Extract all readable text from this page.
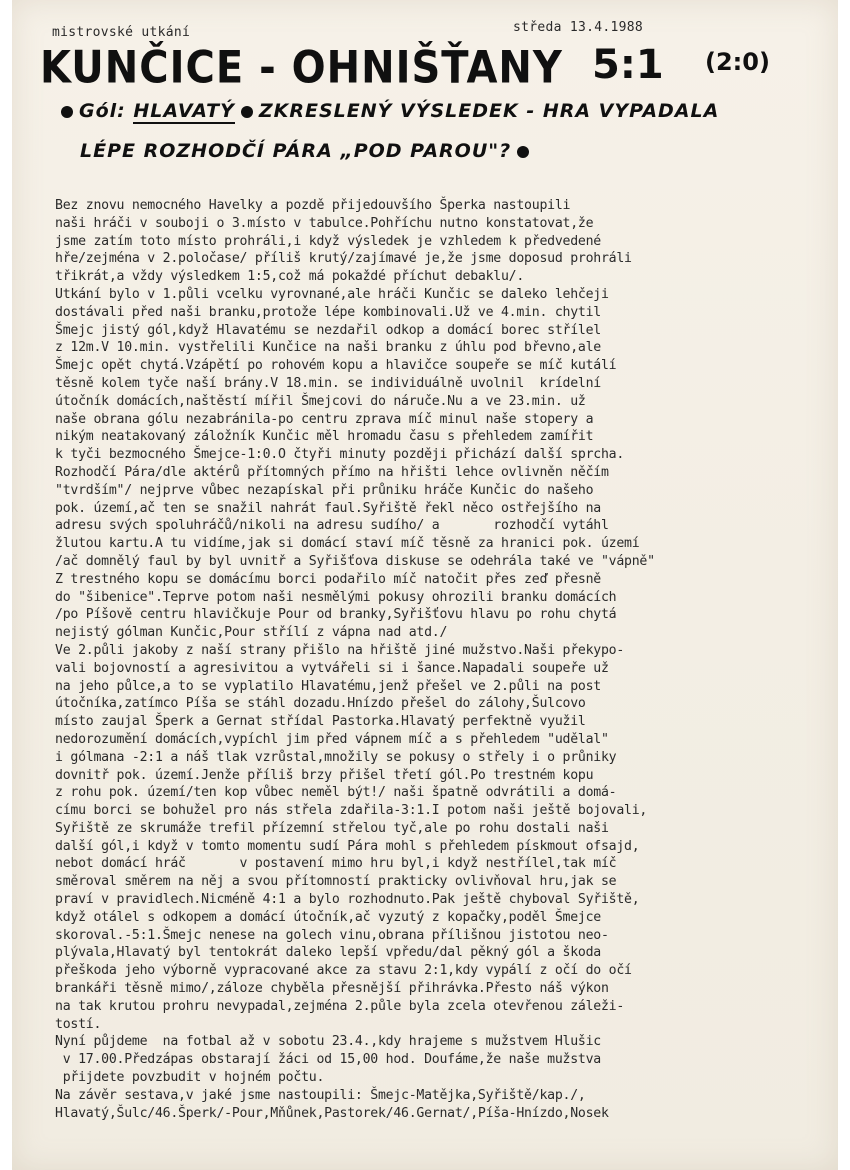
mistrovské utkání	středa 13.4.1988
KUNČICE - OHNIŠŤANY 5:1 (2:0)
Gól: HLAVATÝ ZKRESLENÝ VÝSLEDEK - HRA VYPADALA
LÉPE ROZHODČÍ PÁRA „POD PAROU"?
Bez znovu nemocného Havelky a pozdě přijedouvšího Šperka nastoupili
naši hráči v souboji o 3.místo v tabulce.Pohříchu nutno konstatovat,že
jsme zatím toto místo prohráli,i když výsledek je vzhledem k předvedené
hře/zejména v 2.poločase/ příliš krutý/zajímavé je,že jsme doposud prohráli
třikrát,a vždy výsledkem 1:5,což má pokaždé příchut debaklu/.
Utkání bylo v 1.půli vcelku vyrovnané,ale hráči Kunčic se daleko lehčeji
dostávali před naši branku,protože lépe kombinovali.Už ve 4.min. chytil
Šmejc jistý gól,když Hlavatému se nezdařil odkop a domácí borec střílel
z 12m.V 10.min. vystřelili Kunčice na naši branku z úhlu pod břevno,ale
Šmejc opět chytá.Vzápětí po rohovém kopu a hlavičce soupeře se míč kutálí
těsně kolem tyče naší brány.V 18.min. se individuálně uvolnil  krídelní
útočník domácích,naštěstí mířil Šmejcovi do náruče.Nu a ve 23.min. už
naše obrana gólu nezabránila-po centru zprava míč minul naše stopery a
nikým neatakovaný záložník Kunčic měl hromadu času s přehledem zamířit
k tyči bezmocného Šmejce-1:0.O čtyři minuty později přichází další sprcha.
Rozhodčí Pára/dle aktérů přítomných přímo na hřišti lehce ovlivněn něčím
"tvrdším"/ nejprve vůbec nezapískal při průniku hráče Kunčic do našeho
pok. území,ač ten se snažil nahrát faul.Syřiště řekl něco ostřejšího na
adresu svých spoluhráčů/nikoli na adresu sudího/ a       rozhodčí vytáhl
žlutou kartu.A tu vidíme,jak si domácí staví míč těsně za hranici pok. území
/ač domnělý faul by byl uvnitř a Syřišťova diskuse se odehrála také ve "vápně"
Z trestného kopu se domácímu borci podařilo míč natočit přes zeď přesně
do "šibenice".Teprve potom naši nesmělými pokusy ohrozili branku domácích
/po Píšově centru hlavičkuje Pour od branky,Syřišťovu hlavu po rohu chytá
nejistý gólman Kunčic,Pour střílí z vápna nad atd./
Ve 2.půli jakoby z naší strany přišlo na hřiště jiné mužstvo.Naši překypo-
vali bojovností a agresivitou a vytvářeli si i šance.Napadali soupeře už
na jeho půlce,a to se vyplatilo Hlavatému,jenž přešel ve 2.půli na post
útočníka,zatímco Píša se stáhl dozadu.Hnízdo přešel do zálohy,Šulcovo
místo zaujal Šperk a Gernat střídal Pastorka.Hlavatý perfektně využil
nedorozumění domácích,vypíchl jim před vápnem míč a s přehledem "udělal"
i gólmana -2:1 a náš tlak vzrůstal,množily se pokusy o střely i o průniky
dovnitř pok. území.Jenže příliš brzy přišel třetí gól.Po trestném kopu
z rohu pok. území/ten kop vůbec neměl být!/ naši špatně odvrátili a domá-
címu borci se bohužel pro nás střela zdařila-3:1.I potom naši ještě bojovali,
Syřiště ze skrumáže trefil přízemní střelou tyč,ale po rohu dostali naši
další gól,i když v tomto momentu sudí Pára mohl s přehledem pískmout ofsajd,
nebot domácí hráč       v postavení mimo hru byl,i když nestřílel,tak míč
směroval směrem na něj a svou přítomností prakticky ovlivňoval hru,jak se
praví v pravidlech.Nicméně 4:1 a bylo rozhodnuto.Pak ještě chyboval Syřiště,
když otálel s odkopem a domácí útočník,ač vyzutý z kopačky,poděl Šmejce
skoroval.-5:1.Šmejc nenese na golech vinu,obrana přílišnou jistotou neo-
plývala,Hlavatý byl tentokrát daleko lepší vpředu/dal pěkný gól a škoda
přeškoda jeho výborně vypracované akce za stavu 2:1,kdy vypálí z očí do očí
brankáři těsně mimo/,záloze chyběla přesnější přihrávka.Přesto náš výkon
na tak krutou prohru nevypadal,zejména 2.půle byla zcela otevřenou záleži-
tostí.
Nyní půjdeme  na fotbal až v sobotu 23.4.,kdy hrajeme s mužstvem Hlušic
v 17.00.Předzápas obstarají žáci od 15,00 hod. Doufáme,že naše mužstva
přijdete povzbudit v hojném počtu.
Na závěr sestava,v jaké jsme nastoupili: Šmejc-Matějka,Syřiště/kap./,
Hlavatý,Šulc/46.Šperk/-Pour,Mňůnek,Pastorek/46.Gernat/,Píša-Hnízdo,Nosek
